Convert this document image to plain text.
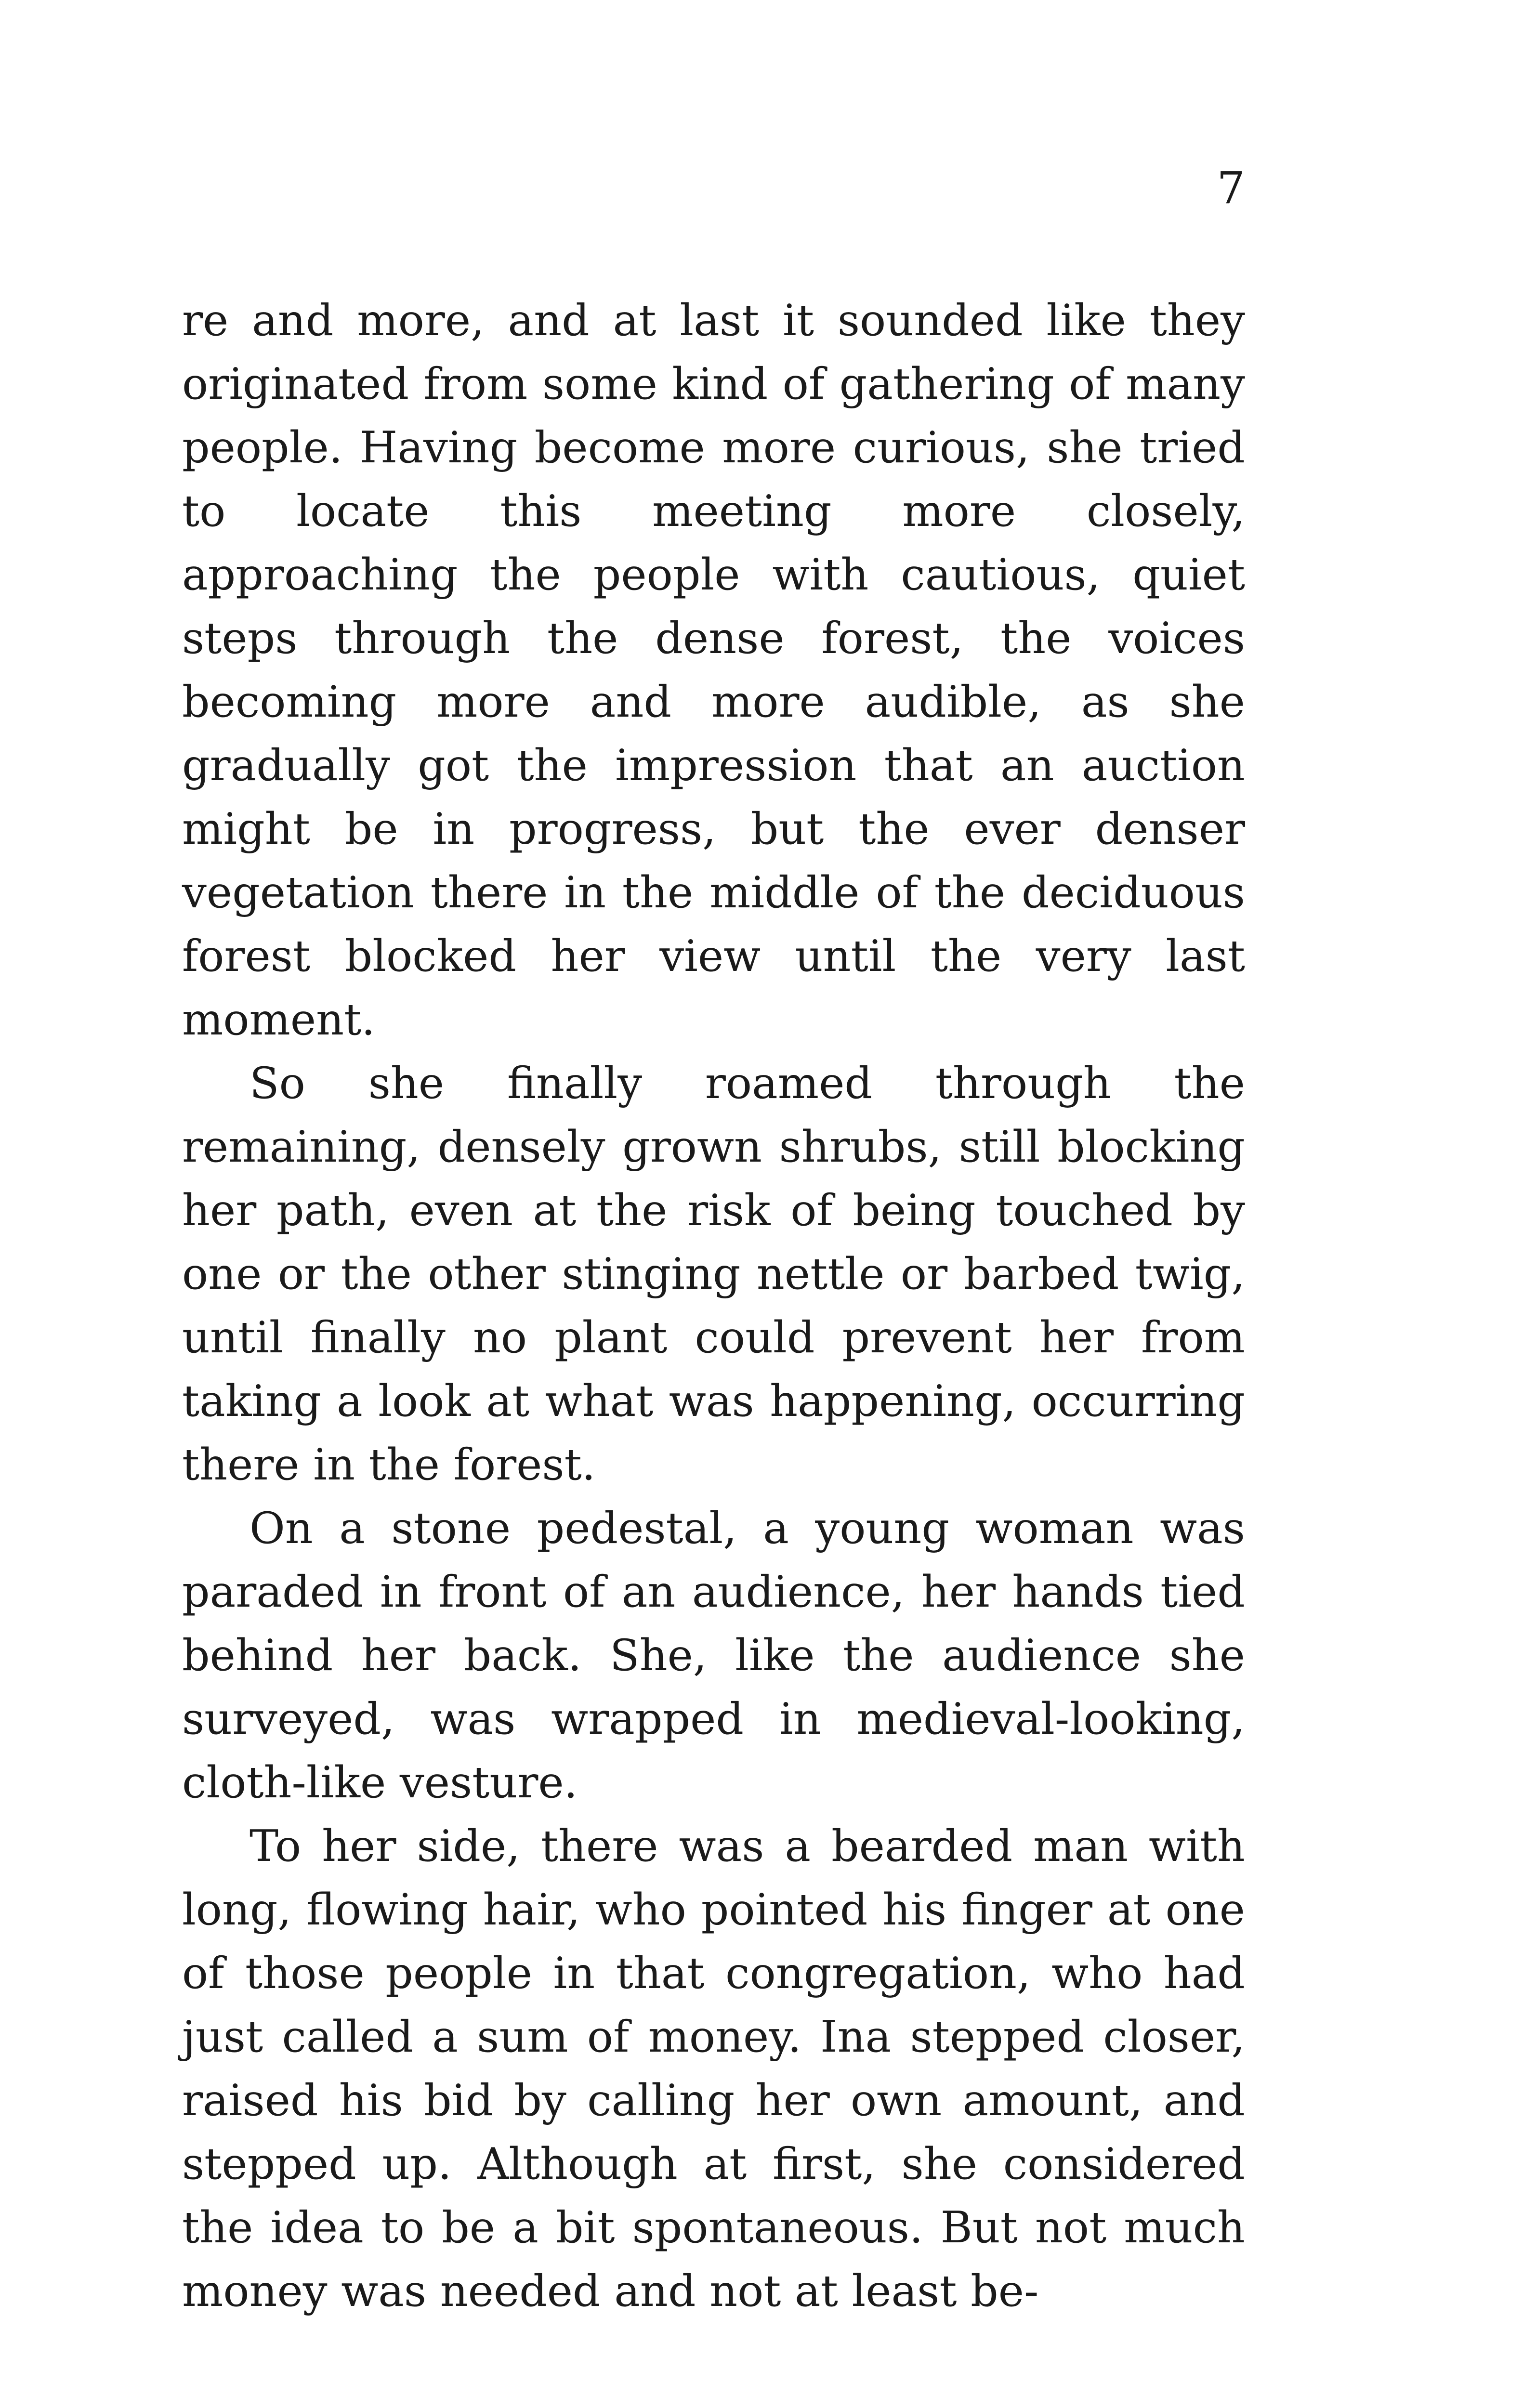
7

re and more, and at last it sounded like they originated from some kind of gathering of many people. Having become more curious, she tried to locate this meeting more closely, approaching the people with cautious, quiet steps through the dense forest, the voices becoming more and more audible, as she gradually got the impression that an auction might be in progress, but the ever denser vegetation there in the middle of the deciduous forest blocked her view until the very last moment.

So she finally roamed through the remaining, densely grown shrubs, still blocking her path, even at the risk of being touched by one or the other stinging nettle or barbed twig, until finally no plant could prevent her from taking a look at what was happening, occurring there in the forest.

On a stone pedestal, a young woman was paraded in front of an audience, her hands tied behind her back. She, like the audience she surveyed, was wrapped in medieval-looking, cloth-like vesture.

To her side, there was a bearded man with long, flowing hair, who pointed his finger at one of those people in that congregation, who had just called a sum of money. Ina stepped closer, raised his bid by calling her own amount, and stepped up. Although at first, she considered the idea to be a bit spontaneous. But not much money was needed and not at least be-
